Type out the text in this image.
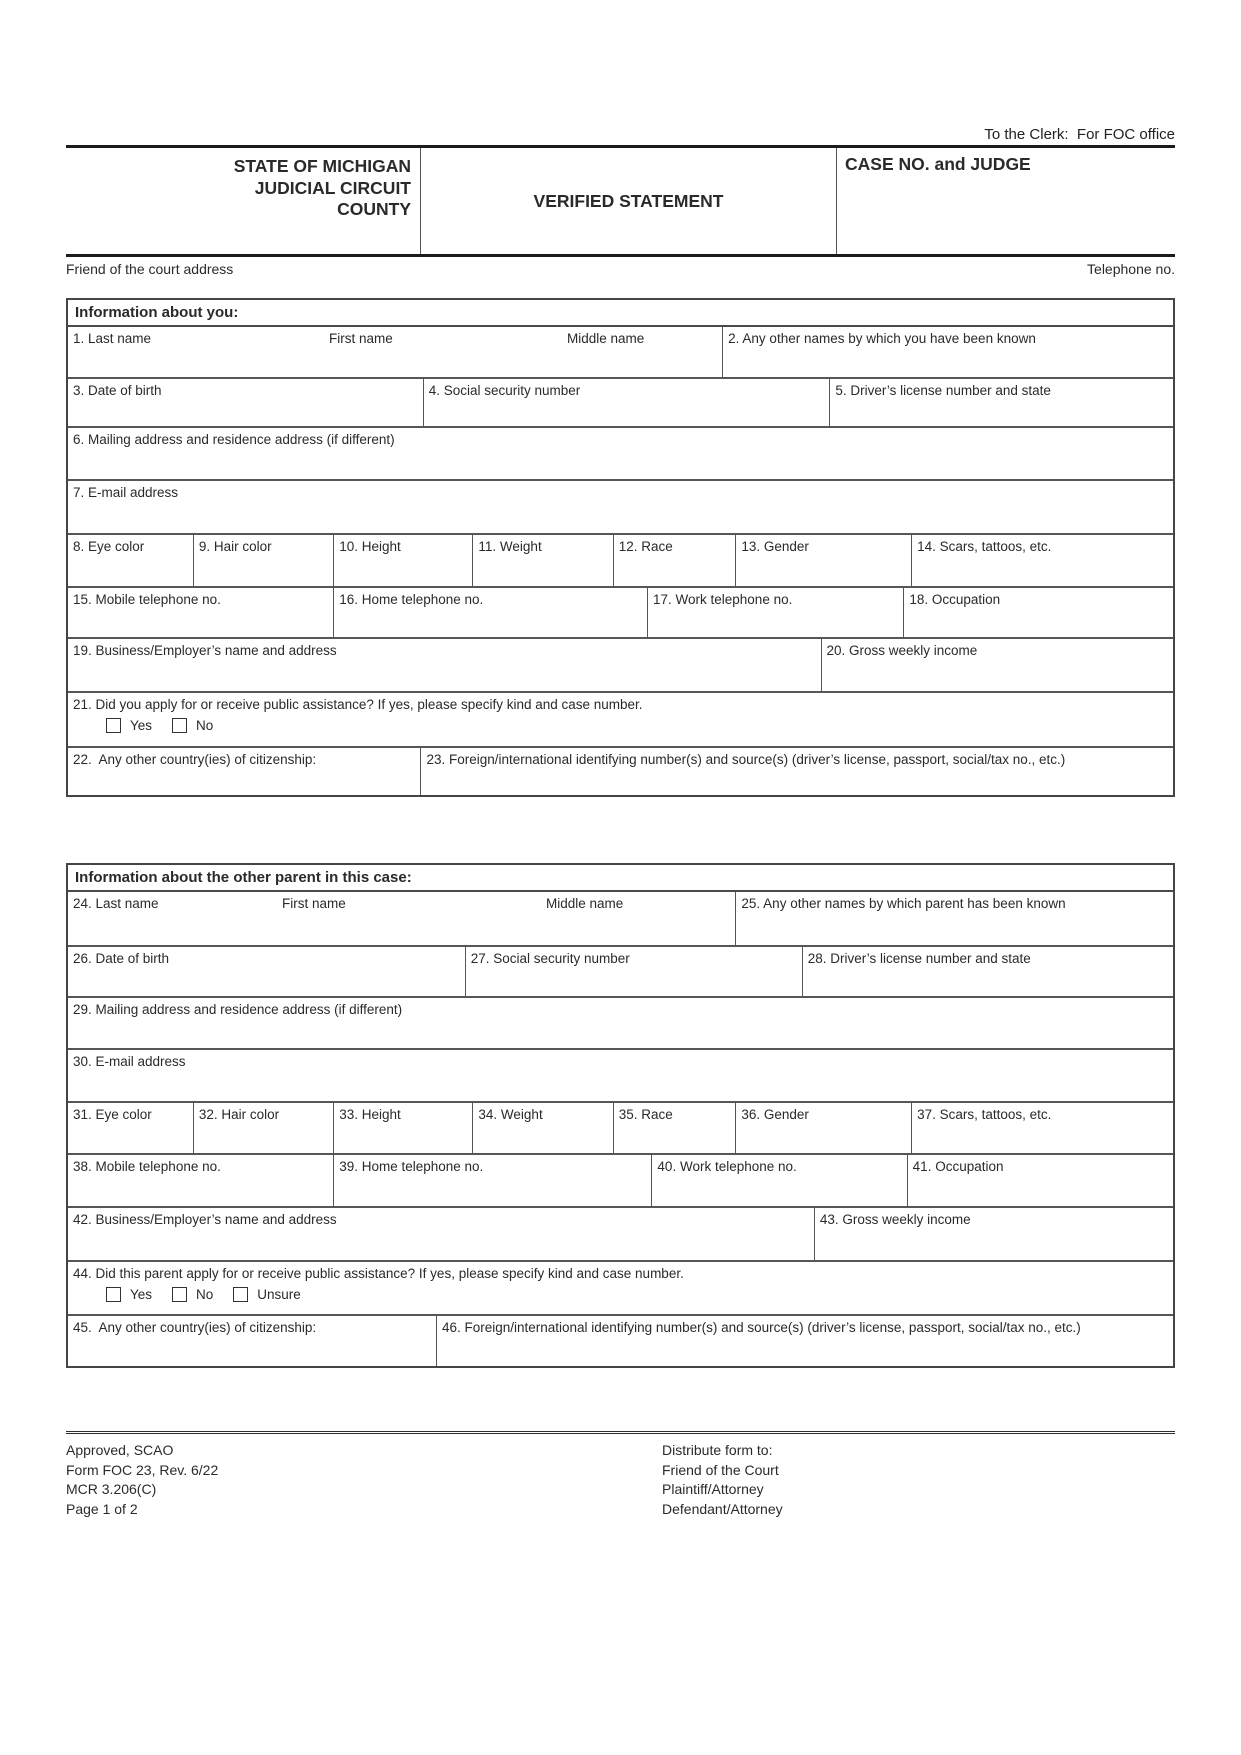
To the Clerk:  For FOC office
STATE OF MICHIGAN
JUDICIAL CIRCUIT
COUNTY	VERIFIED STATEMENT
CASE NO. and JUDGE
Friend of the court address	Telephone no.
Information about you:
1. Last name	First name	Middle name	2. Any other names by which you have been known
3. Date of birth	4. Social security number	5. Driver’s license number and state
6. Mailing address and residence address (if different)
7. E-mail address
8. Eye color	9. Hair color	10. Height	11. Weight	12. Race	13. Gender	14. Scars, tattoos, etc.
15. Mobile telephone no.	16. Home telephone no.	17. Work telephone no.	18. Occupation
19. Business/Employer’s name and address	20. Gross weekly income
21. Did you apply for or receive public assistance? If yes, please specify kind and case number.
Yes	No
22.  Any other country(ies) of citizenship:	23. Foreign/international identifying number(s) and source(s) (driver’s license, passport, social/tax no., etc.)
Information about the other parent in this case:
24. Last name	First name	Middle name	25. Any other names by which parent has been known
26. Date of birth	27. Social security number	28. Driver’s license number and state
29. Mailing address and residence address (if different)
30. E-mail address
31. Eye color	32. Hair color	33. Height	34. Weight	35. Race	36. Gender	37. Scars, tattoos, etc.
38. Mobile telephone no.	39. Home telephone no.	40. Work telephone no.	41. Occupation
42. Business/Employer’s name and address	43. Gross weekly income
44. Did this parent apply for or receive public assistance? If yes, please specify kind and case number.
Yes	No	Unsure
45.  Any other country(ies) of citizenship:	46. Foreign/international identifying number(s) and source(s) (driver’s license, passport, social/tax no., etc.)
Approved, SCAO
Form FOC 23, Rev. 6/22
MCR 3.206(C)
Page 1 of 2
Distribute form to:
Friend of the Court
Plaintiff/Attorney
Defendant/Attorney
